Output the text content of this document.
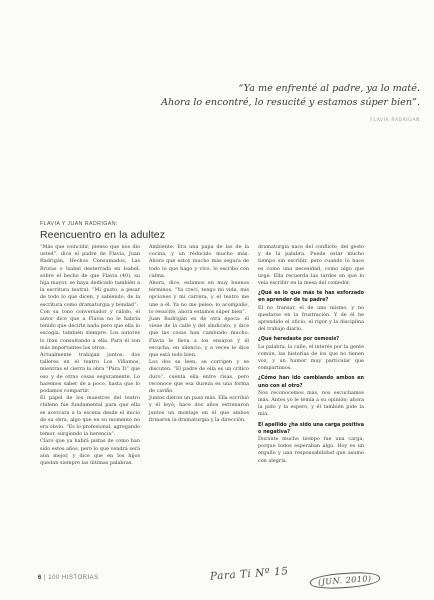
“Ya me enfrenté al padre, ya lo maté.
Ahora lo encontré, lo resucité y estamos súper bien”.
FLAVIA RADRIGAN
FLAVIA Y JUAN RADRIGAN:
Reencuentro en la adultez

“Más que coincidir, pienso que nos dio usted”, dice el padre de Flavia, Juan Radrigán, Hechos Consumados, Las Brutas o Isabel desterrada en Isabel, sobre el hecho de que Flavia (40), su hija mayor, se haya dedicado también a la escritura teatral. “Mi gusto, a pesar de todo lo que dicen, y sabiendo, de la escritura como dramaturgia y bondad”.

Con su tono conversador y cálido, el autor dice que a Flavia no le habría tenido que decirle nada pero que ella lo escogía, también siempre. Los autores lo iban consultando a ella. Para él son más importantes los otros.

Actualmente trabajan juntos, dos talleres en el teatro Los Viñamos, mientras el cierra la obra “Para Tí” que eso y de otras cosas seguramente. Lo haremos saber de a poco, hasta que lo podamos compartir.

El papel de los maestros del teatro chileno fue fundamental para que ella se acercara a la escena desde el inicio de su obra, algo que en su momento no era obvio. “Es lo profesional, agregando temor, surgiendo la herencia”.

Claro que ya habrá pistas de cómo han sido estos años, pero lo que vendrá será aún mejor, y dice que en los hijos quedan siempre las últimas palabras.

Ambiente. Era una papa de las de la cocina, y un réducido mucho más. Ahora que estoy mucho más segura de todo lo que hago y vivo, lo escribo con calma.

Ahora, dice, estamos en muy buenos términos. “Ya crecí, tengo mi vida, mis opciones y mi carrera, y el teatro me une a él. Ya no me peleo; lo acompaño, lo resucité, ahora estamos súper bien”.

Juan Radrigán es de otra época: él viene de la calle y del sindicato, y dice que las cosas han cambiado mucho. Flavia le lleva a los ensayos y él escucha, en silencio, y a veces le dice que está todo bien.

Los dos se leen, se corrigen y se discuten. “El padre de ella es un crítico duro”, cuenta ella entre risas, pero reconoce que esa dureza es una forma de cariño.

Juntos dieron un paso más. Ella escribió y él leyó; hace dos años estrenaron juntos un montaje en el que ambos firmaron la dramaturgia y la dirección.

dramaturgia nace del conflicto, del gesto y de la palabra. Puede estar mucho tiempo sin escribir, pero cuando lo hace es como una necesidad, como algo que urge. Ella recuerda las tardes en que lo veía escribir en la mesa del comedor.

¿Qué es lo que más te has esforzado en aprender de tu padre?

El no transar, el de uno mismo, y no quedarse en la frustración. Y de él he aprendido el oficio, el rigor y la disciplina del trabajo diario.

¿Qué heredaste por osmosis?

La palabra, la calle, el interés por la gente común, las historias de los que no tienen voz, y un humor muy particular que compartimos.

¿Cómo han ido cambiando ambos en uno con el otro?

Nos reconocemos más, nos escuchamos más. Antes yo le temía a su opinión; ahora la pido y la espero, y él también pide la mía.

El apellido ¿ha sido una carga positiva o negativa?

Durante mucho tiempo fue una carga, porque todos esperaban algo. Hoy es un orgullo y una responsabilidad que asumo con alegría.

6 | 100 HISTORIAS	Para Ti Nº 15	(JUN. 2010)
